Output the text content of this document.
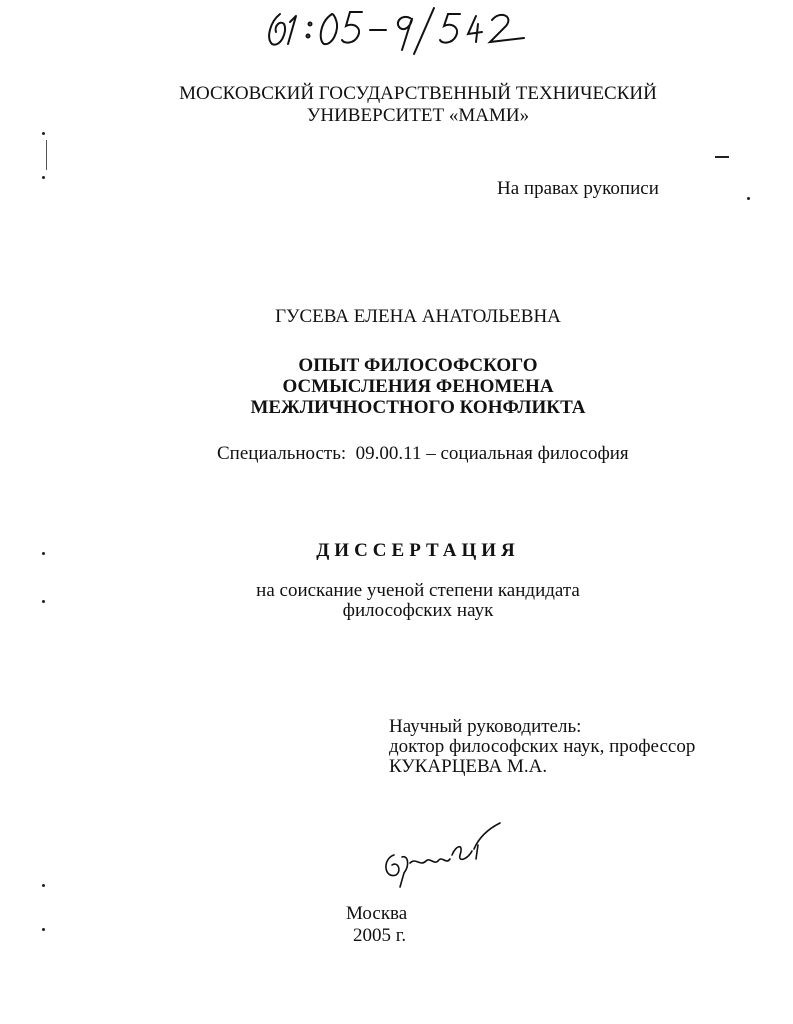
МОСКОВСКИЙ ГОСУДАРСТВЕННЫЙ ТЕХНИЧЕСКИЙ
УНИВЕРСИТЕТ «МАМИ»
На правах рукописи
ГУСЕВА ЕЛЕНА АНАТОЛЬЕВНА
ОПЫТ ФИЛОСОФСКОГО
ОСМЫСЛЕНИЯ ФЕНОМЕНА
МЕЖЛИЧНОСТНОГО КОНФЛИКТА
Специальность:  09.00.11 – социальная философия
ДИССЕРТАЦИЯ
на соискание ученой степени кандидата
философских наук
Научный руководитель:
доктор философских наук, профессор
КУКАРЦЕВА М.А.
Москва
2005 г.
